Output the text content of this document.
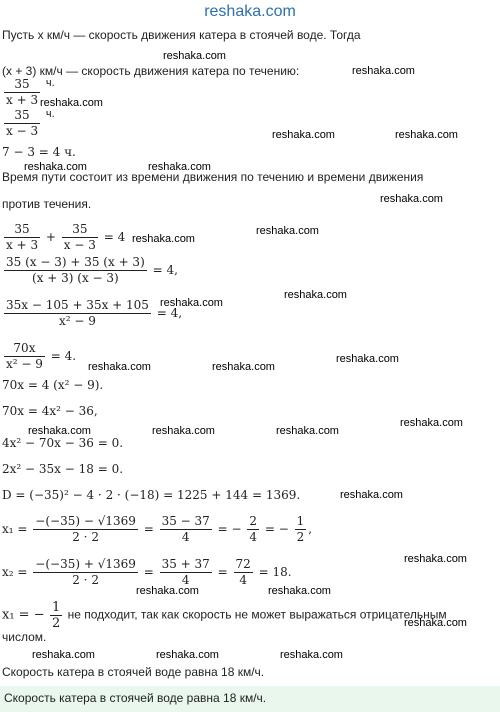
reshaka.com
Пусть x км/ч — скорость движения катера в стоячей воде. Тогда
(x + 3) км/ч — скорость движения катера по течению:
$\frac{35}{x + 3} ч$.
$\frac{35}{x - 3} ч$.
7 − 3 = 4 ч.
Время пути состоит из времени движения по течению и времени движения
против течения.
$\frac{35}{x + 3} + \frac{35}{x - 3} = 4$
$\frac{35 (x - 3) + 35 (x + 3)}{(x + 3) (x - 3)} = 4$,
$\frac{35x - 105 + 35x + 105}{\text{x² − 9}} = 4$,
$\frac{70x}{\text{x² − 9}} = 4$.
70x = 4 (x² − 9).
70x = 4x² − 36,
4x² − 70x − 36 = 0.
2x² − 35x − 18 = 0.
D = (−35)² − 4 · 2 · (−18) = 1225 + 144 = 1369.
$x_1 = \frac{-(-35) - √1369}{2 \cdot 2} = \frac{35 - 37}{4}$ = − $\frac{2}{4}$ = − $\frac{1}{2}$ ,
$x_2 = \frac{-(-35) + √1369}{2 \cdot 2} = \frac{35 + 37}{4} = \frac{72}{4} = 18$.
x₁ = − $\frac{1}{2}$ не подходит, так как скорость не может выражаться отрицательным
числом.
Скорость катера в стоячей воде равна 18 км/ч.
Скорость катера в стоячей воде равна 18 км/ч.
reshaka.com
reshaka.com
reshaka.com
reshaka.com	reshaka.com
reshaka.com	reshaka.com
reshaka.com
reshaka.com
reshaka.com
reshaka.com
reshaka.com
reshaka.com	reshaka.com
reshaka.com
reshaka.com
reshaka.com	reshaka.com	reshaka.com
reshaka.com
reshaka.com
reshaka.com	reshaka.com
reshaka.com
reshaka.com	reshaka.com	reshaka.com
